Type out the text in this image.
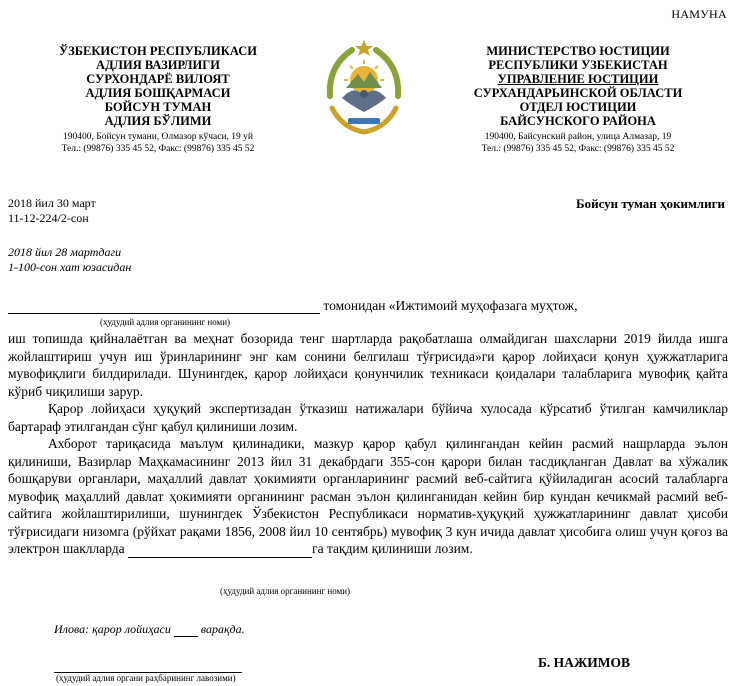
НАМУНА
ЎЗБЕКИСТОН РЕСПУБЛИКАСИ
АДЛИЯ ВАЗИРЛИГИ
СУРХОНДАРЁ ВИЛОЯТ
АДЛИЯ БОШҚАРМАСИ
БОЙСУН ТУМАН
АДЛИЯ БЎЛИМИ
190400, Бойсун тумани, Олмазор кўчаси, 19 уй
Тел.: (99876) 335 45 52, Факс: (99876) 335 45 52
МИНИСТЕРСТВО ЮСТИЦИИ
РЕСПУБЛИКИ УЗБЕКИСТАН
УПРАВЛЕНИЕ ЮСТИЦИИ
СУРХАНДАРЬИНСКОЙ ОБЛАСТИ
ОТДЕЛ ЮСТИЦИИ
БАЙСУНСКОГО РАЙОНА
190400, Байсунский район, улица Алмазар, 19
Тел.: (99876) 335 45 52, Факс: (99876) 335 45 52
2018 йил 30 март
11-12-224/2-сон
Бойсун туман ҳокимлиги
2018 йил 28 мартдаги
1-100-сон хат юзасидан
томонидан «Ижтимоий муҳофазага муҳтож,
(ҳудудий адлия органининг номи)

иш топишда қийналаётган ва меҳнат бозорида тенг шартларда рақобатлаша олмайдиган шахсларни 2019 йилда ишга жойлаштириш учун иш ўринларининг энг кам сонини белгилаш тўғрисида»ги қарор лойиҳаси қонун ҳужжатларига мувофиқлиги билдирилади. Шунингдек, қарор лойиҳаси қонунчилик техникаси қоидалари талабларига мувофиқ қайта кўриб чиқилиши зарур.

Қарор лойиҳаси ҳуқуқий экспертизадан ўтказиш натижалари бўйича хулосада кўрсатиб ўтилган камчиликлар бартараф этилгандан сўнг қабул қилиниши лозим.

Ахборот тариқасида маълум қилинадики, мазкур қарор қабул қилингандан кейин расмий нашрларда эълон қилиниши, Вазирлар Маҳкамасининг 2013 йил 31 декабрдаги 355-сон қарори билан тасдиқланган Давлат ва хўжалик бошқаруви органлари, маҳаллий давлат ҳокимияти органларининг расмий веб-сайтига қўйиладиган асосий талабларга мувофиқ маҳаллий давлат ҳокимияти органининг расман эълон қилинганидан кейин бир кундан кечикмай расмий веб-сайтига жойлаштирилиши, шунингдек Ўзбекистон Республикаси норматив-ҳуқуқий ҳужжатларининг давлат ҳисоби тўғрисидаги низомга (рўйхат рақами 1856, 2008 йил 10 сентябрь) мувофиқ 3 кун ичида давлат ҳисобига олиш учун қоғоз ва электрон шаклларда	га тақдим қилиниши лозим.

(ҳудудий адлия органининг номи)
Илова: қарор лойиҳаси	варақда.
Б. НАЖИМОВ
(ҳудудий адлия органи раҳбарининг лавозими)
